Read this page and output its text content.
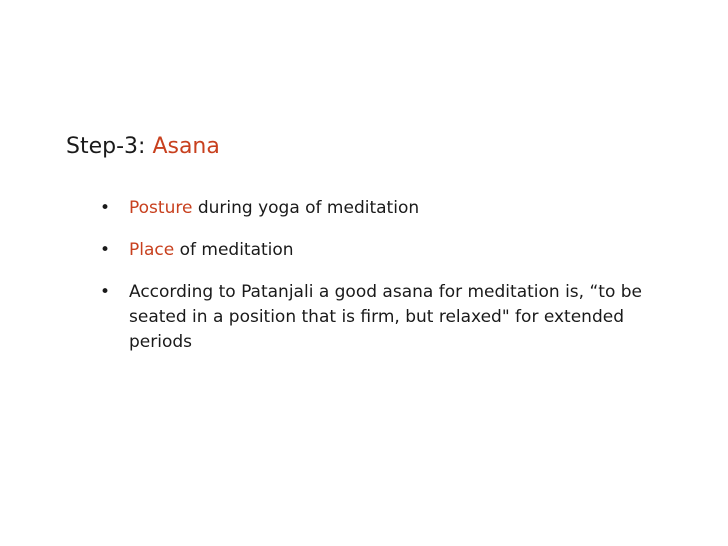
Step-3: Asana
• Posture during yoga of meditation
• Place of meditation
• According to Patanjali a good asana for meditation is, “to be seated in a position that is firm, but relaxed" for extended periods
